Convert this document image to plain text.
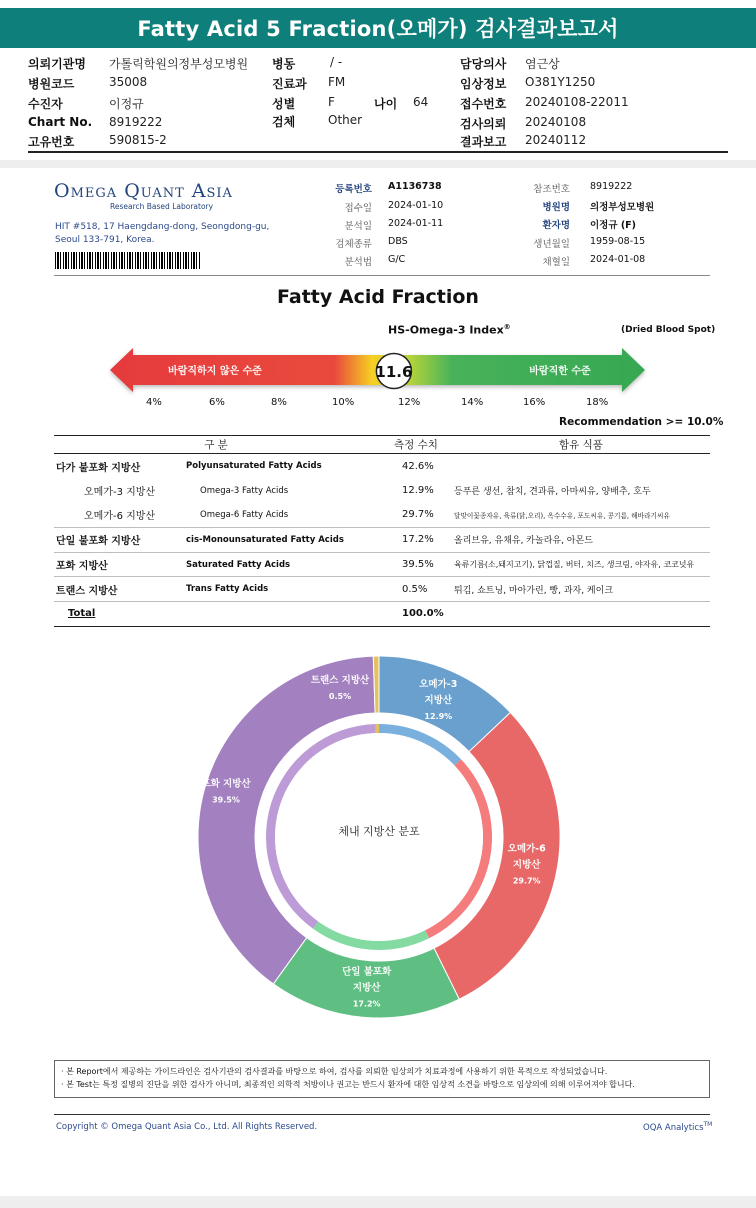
Fatty Acid 5 Fraction(오메가) 검사결과보고서
의뢰기관명 가톨릭학원의정부성모병원
병원코드	35008
수진자	이정규
Chart No. 8919222
고유번호	590815-2
병동	/ -
진료과 FM
성별	F	나이 64
검체	Other
담당의사 염근상
임상정보 O381Y1250
접수번호 20240108-22011
검사의뢰 20240108
결과보고 20240112
Omega Quant Asia
Research Based Laboratory
HIT #518, 17 Haengdang-dong, Seongdong-gu,
Seoul 133-791, Korea.
등록번호 A1136738
접수일 2024-01-10
분석일 2024-01-11
검체종류 DBS
분석법 G/C
참조번호 8919222
병원명 의정부성모병원
환자명 이정규 (F)
생년월일 1959-08-15
채혈일 2024-01-08
Fatty Acid Fraction
HS-Omega-3 Index®	(Dried Blood Spot)
바람직하지 않은 수준	바람직한 수준
11.6
4%	6%	8%	10%	12%	14%	16%	18%
Recommendation >= 10.0%
구 분		측정 수치	함유 식품
다가 불포화 지방산	Polyunsaturated Fatty Acids	42.6%	
오메가-3 지방산	Omega-3 Fatty Acids	12.9%	등푸른 생선, 참치, 견과류, 아마씨유, 양배추, 호두
오메가-6 지방산	Omega-6 Fatty Acids	29.7%	달맞이꽃종자유, 육류(닭,오리), 옥수수유, 포도씨유, 콩기름, 해바라기씨유
단일 불포화 지방산	cis-Monounsaturated Fatty Acids	17.2%	올리브유, 유채유, 카놀라유, 아몬드
포화 지방산	Saturated Fatty Acids	39.5%	육류기름(소,돼지고기), 닭껍질, 버터, 치즈, 생크림, 야자유, 코코넛유
트랜스 지방산	Trans Fatty Acids	0.5%	튀김, 쇼트닝, 마아가린, 빵, 과자, 케이크
Total		100.0%	
체내 지방산 분포
오메가-3
지방산
12.9%
오메가-6
지방산
29.7%
단일 불포화
지방산
17.2%
포화 지방산
39.5%
트랜스 지방산
0.5%
· 본 Report에서 제공하는 가이드라인은 검사기관의 검사결과를 바탕으로 하여, 검사를 의뢰한 임상의가 치료과정에 사용하기 위한 목적으로 작성되었습니다.
· 본 Test는 특정 질병의 진단을 위한 검사가 아니며, 최종적인 의학적 처방이나 권고는 반드시 환자에 대한 임상적 소견을 바탕으로 임상의에 의해 이루어져야 합니다.
Copyright © Omega Quant Asia Co., Ltd. All Rights Reserved.	OQA Analytics™
